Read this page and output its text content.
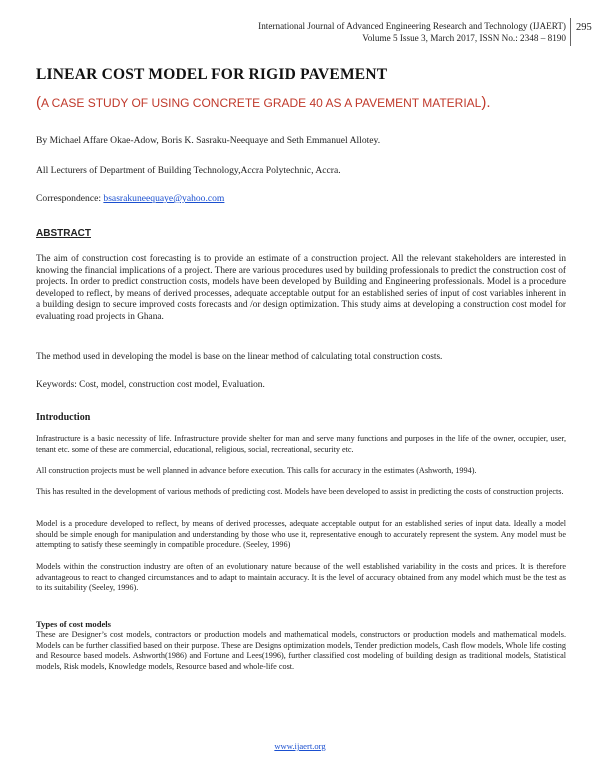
International Journal of Advanced Engineering Research and Technology (IJAERT)
Volume 5 Issue 3, March 2017, ISSN No.: 2348 – 8190
295
LINEAR COST MODEL FOR RIGID PAVEMENT
(A CASE STUDY OF USING CONCRETE GRADE 40 AS A PAVEMENT MATERIAL).
By Michael Affare Okae-Adow, Boris K. Sasraku-Neequaye and Seth Emmanuel Allotey.
All Lecturers of Department of Building Technology,Accra Polytechnic, Accra.
Correspondence: bsasrakuneequaye@yahoo.com
ABSTRACT

The aim of construction cost forecasting is to provide an estimate of a construction project. All the relevant stakeholders are interested in knowing the financial implications of a project. There are various procedures used by building professionals to predict the construction cost of projects. In order to predict construction costs, models have been developed by Building and Engineering professionals. Model is a procedure developed to reflect, by means of derived processes, adequate acceptable output for an established series of input of cost variables inherent in a building design to secure improved costs forecasts and /or design optimization. This study aims at developing a construction cost model for evaluating road projects in Ghana.

The method used in developing the model is base on the linear method of calculating total construction costs.

Keywords: Cost, model, construction cost model, Evaluation.

Introduction

Infrastructure is a basic necessity of life. Infrastructure provide shelter for man and serve many functions and purposes in the life of the owner, occupier, user, tenant etc. some of these are commercial, educational, religious, social, recreational, security etc.

All construction projects must be well planned in advance before execution. This calls for accuracy in the estimates (Ashworth, 1994).

This has resulted in the development of various methods of predicting cost. Models have been developed to assist in predicting the costs of construction projects.

Model is a procedure developed to reflect, by means of derived processes, adequate acceptable output for an established series of input data. Ideally a model should be simple enough for manipulation and understanding by those who use it, representative enough to accurately represent the system. Any model must be attempting to satisfy these seemingly in compatible procedure. (Seeley, 1996)

Models within the construction industry are often of an evolutionary nature because of the well established variability in the costs and prices. It is therefore advantageous to react to changed circumstances and to adapt to maintain accuracy. It is the level of accuracy obtained from any model which must be the test as to its suitability (Seeley, 1996).

Types of cost models

These are Designer’s cost models, contractors or production models and mathematical models, constructors or production models and mathematical models. Models can be further classified based on their purpose. These are Designs optimization models, Tender prediction models, Cash flow models, Whole life costing and Resource based models. Ashworth(1986) and Fortune and Lees(1996), further classified cost modeling of building design as traditional models, Statistical models, Risk models, Knowledge models, Resource based and whole-life cost.

www.ijaert.org
